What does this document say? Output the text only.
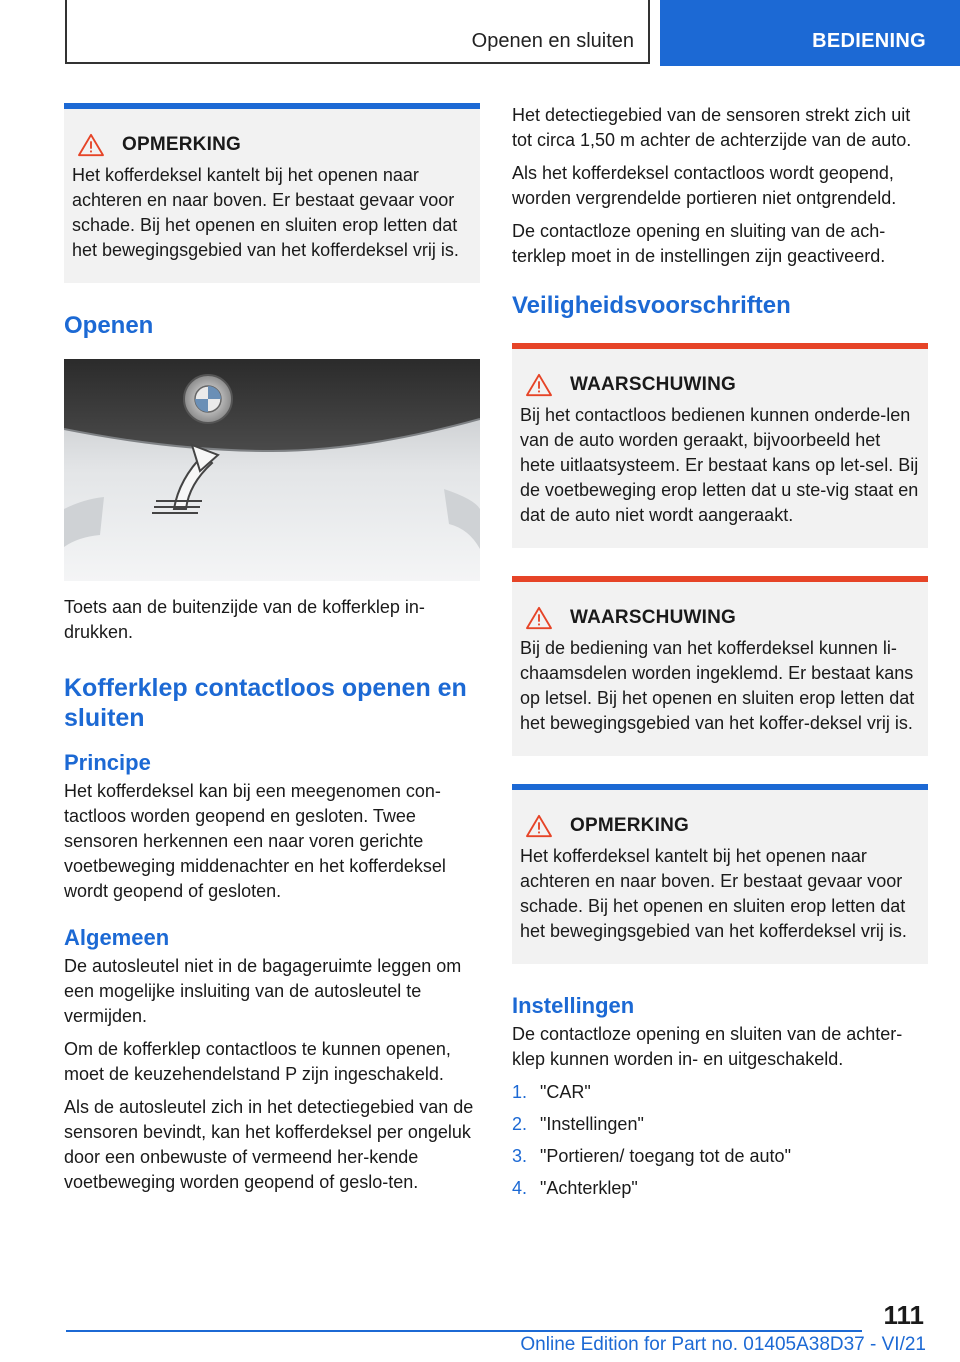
Openen en sluiten	BEDIENING
OPMERKING

Het kofferdeksel kantelt bij het openen naar achteren en naar boven. Er bestaat gevaar voor schade. Bij het openen en sluiten erop letten dat het bewegingsgebied van het kofferdeksel vrij is.

Openen

Toets aan de buitenzijde van de kofferklep in-drukken.

Kofferklep contactloos openen en sluiten
Principe

Het kofferdeksel kan bij een meegenomen con-tactloos worden geopend en gesloten. Twee sensoren herkennen een naar voren gerichte voetbeweging middenachter en het kofferdeksel wordt geopend of gesloten.

Algemeen

De autosleutel niet in de bagageruimte leggen om een mogelijke insluiting van de autosleutel te vermijden.

Om de kofferklep contactloos te kunnen openen, moet de keuzehendelstand P zijn ingeschakeld.

Als de autosleutel zich in het detectiegebied van de sensoren bevindt, kan het kofferdeksel per ongeluk door een onbewuste of vermeend her-kende voetbeweging worden geopend of geslo-ten.

Het detectiegebied van de sensoren strekt zich uit tot circa 1,50 m achter de achterzijde van de auto.

Als het kofferdeksel contactloos wordt geopend, worden vergrendelde portieren niet ontgrendeld.

De contactloze opening en sluiting van de ach-terklep moet in de instellingen zijn geactiveerd.

Veiligheidsvoorschriften
WAARSCHUWING

Bij het contactloos bedienen kunnen onderde-len van de auto worden geraakt, bijvoorbeeld het hete uitlaatsysteem. Er bestaat kans op let-sel. Bij de voetbeweging erop letten dat u ste-vig staat en dat de auto niet wordt aangeraakt.

WAARSCHUWING

Bij de bediening van het kofferdeksel kunnen li-chaamsdelen worden ingeklemd. Er bestaat kans op letsel. Bij het openen en sluiten erop letten dat het bewegingsgebied van het koffer-deksel vrij is.

OPMERKING

Het kofferdeksel kantelt bij het openen naar achteren en naar boven. Er bestaat gevaar voor schade. Bij het openen en sluiten erop letten dat het bewegingsgebied van het kofferdeksel vrij is.

Instellingen

De contactloze opening en sluiten van de achter-klep kunnen worden in- en uitgeschakeld.

1. "CAR"
2. "Instellingen"
3. "Portieren/ toegang tot de auto"
4. "Achterklep"
111
Online Edition for Part no. 01405A38D37 - VI/21
